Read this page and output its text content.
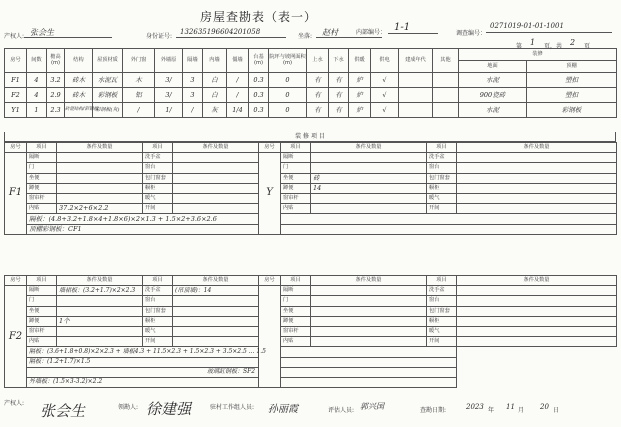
房屋查勘表（表一）
产权人: 张会生	身份证号:
132635196604201058
坐落: 赵村	内部编号： 1-1
调查编号：
0271019-01-01-1001
第 1 页，共 2 页
房号	间数	檐高(m)	结构	屋顶材质	外门窗	外墙原	隔墙	内墙	僵墙	台基(m)	院坪与坡网面积(m)	上水	下水	供暖	供电	建成年代	其他	装修	
																		地面	顶棚
F1	4	3.2	砖木	水泥瓦	木	3/	3	白	/	0.3	0	有	有	炉	√			水泥	塑扣
F2	4	2.9	砖木	彩钢板	铝	3/	3	白	/	0.3	0	有	有	炉	√			900瓷砖	塑扣
Y1	1	2.3	砖混结构/彩钢板	彩钢板(灰)	/	1/	/	灰	1/4	0.3	0	有	有	炉	√			水泥	彩钢板
装 修 项 目
房号	项目	条件及数量	项目	条件及数量	房号	项目	条件及数量	项目	条件及数量
F1	隔断		洗手盆		Y	隔断		洗手盆	
	门		窗台			门		窗台	
	坐便		包门窗套			坐便	砖	包门窗套	
	蹲便		橱柜			蹲便	14	橱柜	
	窗帘杆		暖气			窗帘杆		暖气	
	内贴	37.2×2+6×2.2	开间			内贴		开间	
	隔板：(4.8+3.2+1.8×4+1.8×6)×2×1.3 + 1.5×2+3.6×2.6								
	顶棚彩钢板：CF1								
房号	项目	条件及数量	项目	条件及数量	房号	项目	条件及数量	项目	条件及数量
F2	隔断	墙裙板：(3.2+1.7)×2×2.3	洗手盆	(吊顶墙)：14		隔断		洗手盆	
	门		窗台			门		窗台	
	坐便		包门窗套			坐便		包门窗套	
	蹲便	1个	橱柜			蹲便		橱柜	
	窗帘杆		暖气			窗帘杆		暖气	
	内贴		开间			内贴		开间	
	隔板：(3.6+1.8+0.8)×2×2.3 + 墙板4.3 + 11.5×2.3 + 1.5×2.3 + 3.5×2.5 ... 1.5								
	隔板：(1.2+1.7)×1.5								
	玻璃缸钢板：SF2								
	外墙板：(1.5×3-3.2)×2.2								
产权人: 张会生	领勘人: 徐建强	驻村工作组人员: 孙丽霞	评估人员: 郭兴国	查勘日期:	2023 年 11 月 20 日
